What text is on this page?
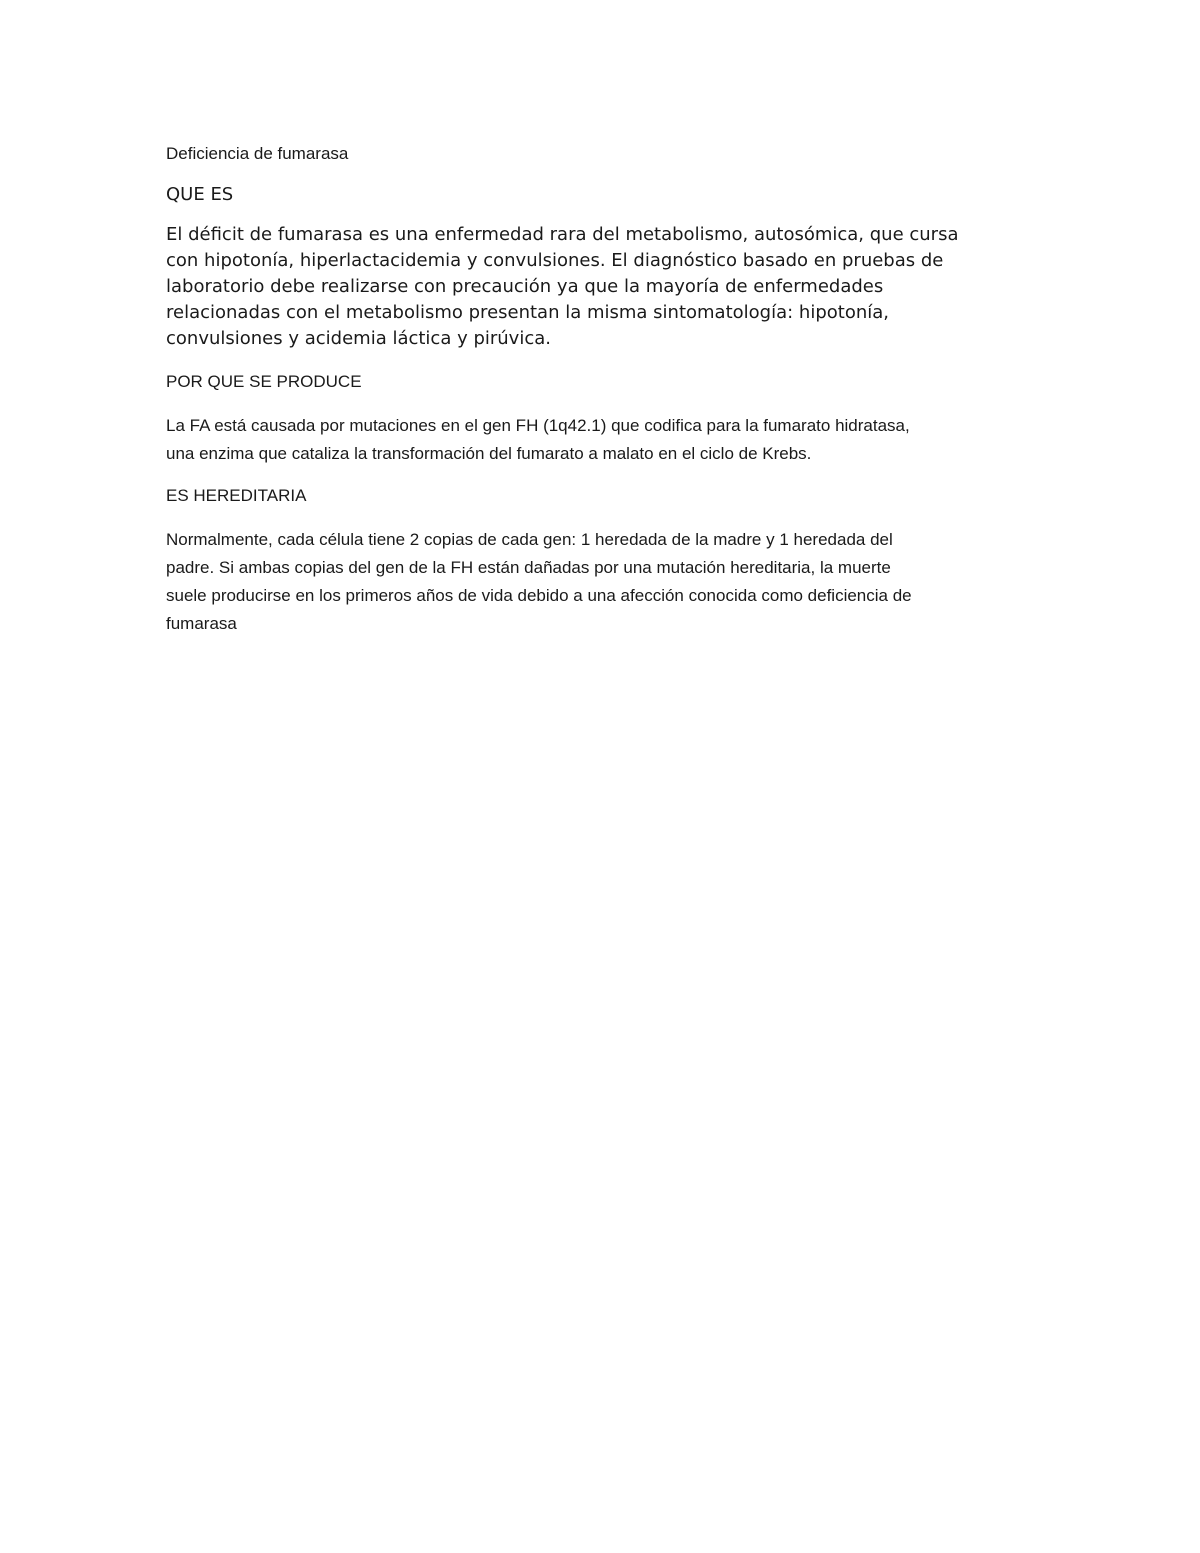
Deficiencia de fumarasa

QUE ES

El déficit de fumarasa es una enfermedad rara del metabolismo, autosómica, que cursa

con hipotonía, hiperlactacidemia y convulsiones. El diagnóstico basado en pruebas de

laboratorio debe realizarse con precaución ya que la mayoría de enfermedades

relacionadas con el metabolismo presentan la misma sintomatología: hipotonía,

convulsiones y acidemia láctica y pirúvica.

POR QUE SE PRODUCE

La FA está causada por mutaciones en el gen FH (1q42.1) que codifica para la fumarato hidratasa,

una enzima que cataliza la transformación del fumarato a malato en el ciclo de Krebs.

ES HEREDITARIA

Normalmente, cada célula tiene 2 copias de cada gen: 1 heredada de la madre y 1 heredada del

padre. Si ambas copias del gen de la FH están dañadas por una mutación hereditaria, la muerte

suele producirse en los primeros años de vida debido a una afección conocida como deficiencia de

fumarasa
